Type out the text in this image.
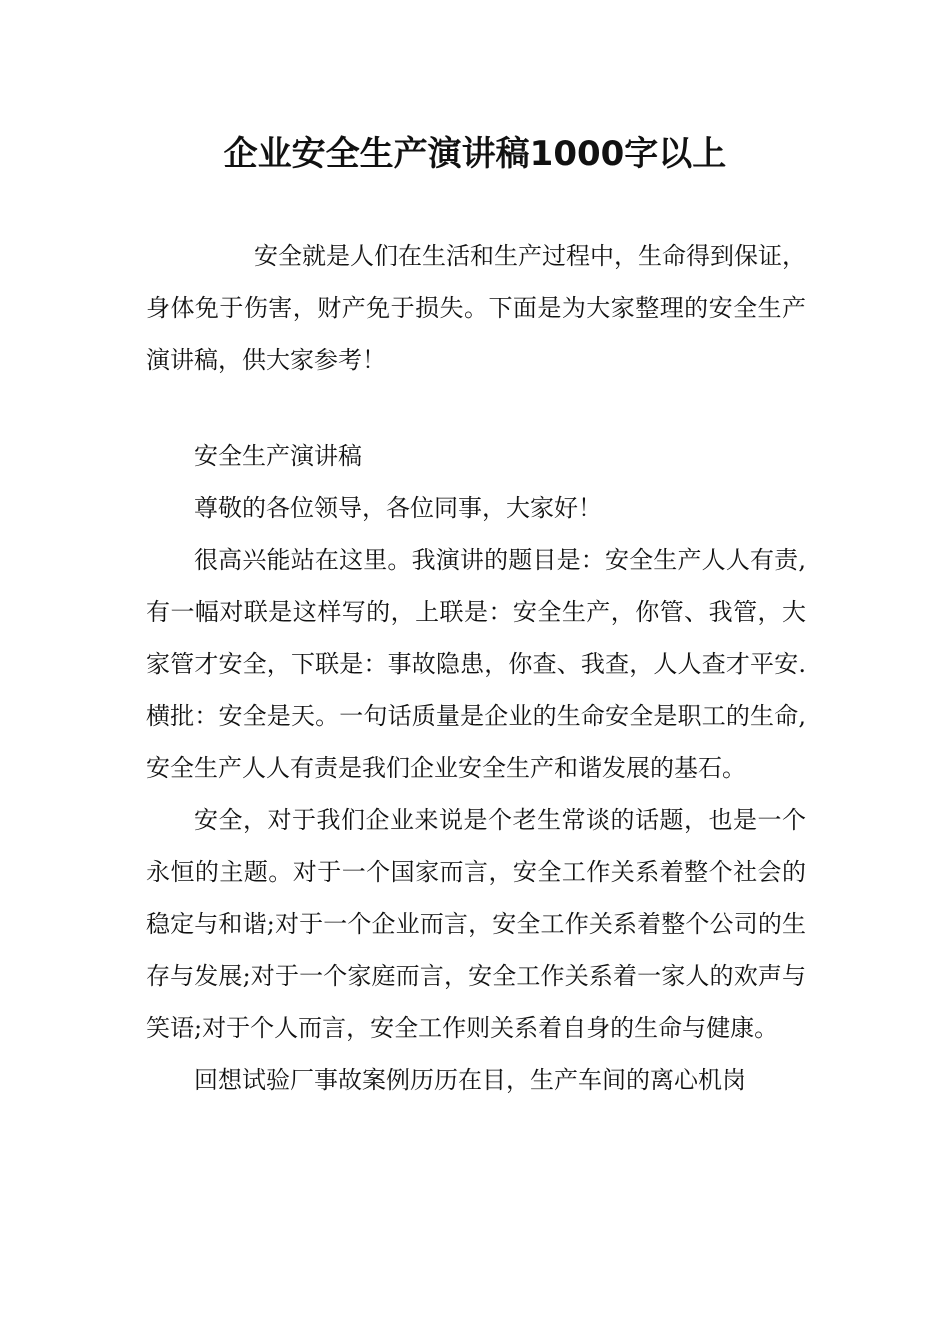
企业安全生产演讲稿1000字以上

安全就是人们在生活和生产过程中，生命得到保证，身体免于伤害，财产免于损失。下面是为大家整理的安全生产演讲稿，供大家参考！

安全生产演讲稿

尊敬的各位领导，各位同事，大家好！

很高兴能站在这里。我演讲的题目是：安全生产人人有责,有一幅对联是这样写的，上联是：安全生产，你管、我管，大家管才安全，下联是：事故隐患，你查、我查，人人查才平安.横批：安全是天。一句话质量是企业的生命安全是职工的生命,安全生产人人有责是我们企业安全生产和谐发展的基石。

安全，对于我们企业来说是个老生常谈的话题，也是一个永恒的主题。对于一个国家而言，安全工作关系着整个社会的稳定与和谐;对于一个企业而言，安全工作关系着整个公司的生存与发展;对于一个家庭而言，安全工作关系着一家人的欢声与笑语;对于个人而言，安全工作则关系着自身的生命与健康。

回想试验厂事故案例历历在目，生产车间的离心机岗
